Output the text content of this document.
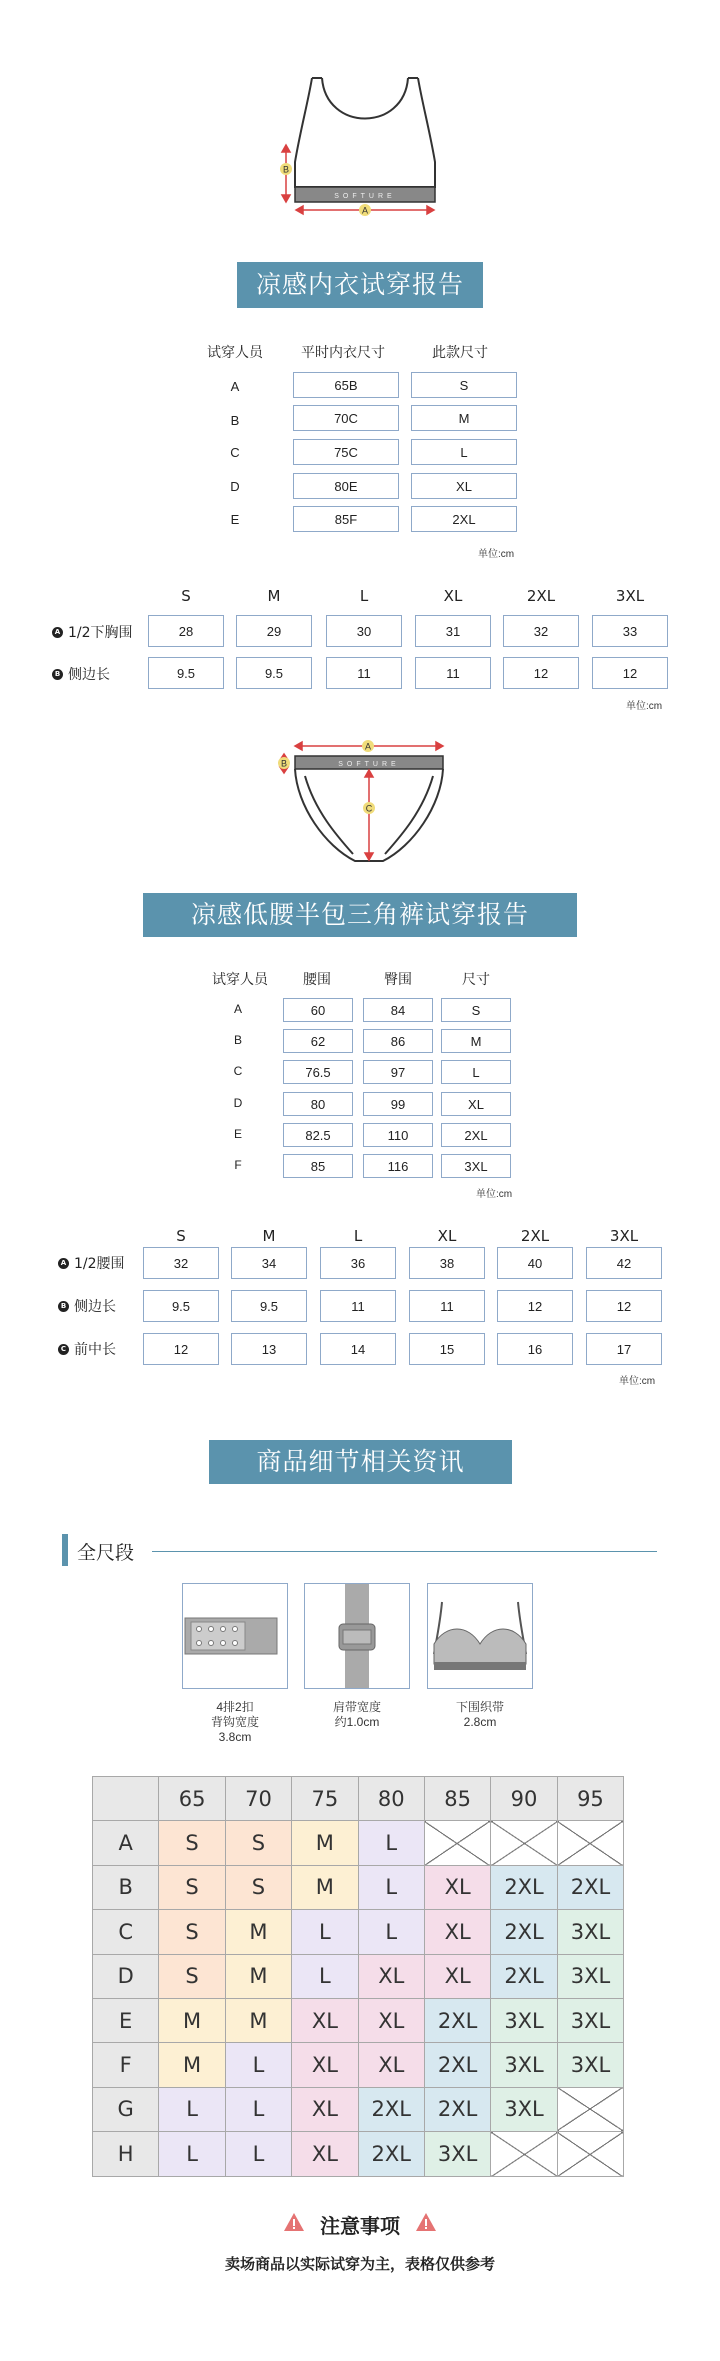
SOFTURE
A
B
凉感内衣试穿报告
试穿人员	平时内衣尺寸	此款尺寸
A	65B	S
B	70C	M
C	75C	L
D	80E	XL
E	85F	2XL
单位:cm
S	M	L	XL	2XL	3XL
A 1/2下胸围	28	29	30	31	32	33
B 侧边长	9.5	9.5	11	11	12	12
单位:cm
A
SOFTURE
B
C
凉感低腰半包三角裤试穿报告
试穿人员	腰围	臀围	尺寸
A	60	84	S
B	62	86	M
C	76.5	97	L
D	80	99	XL
E	82.5	110	2XL
F	85	116	3XL
单位:cm
S	M	L	XL	2XL	3XL
A 1/2腰围	32	34	36	38	40	42
B 侧边长	9.5	9.5	11	11	12	12
C 前中长	12	13	14	15	16	17
单位:cm
商品细节相关资讯
全尺段
4排2扣
背钩宽度
3.8cm
肩带宽度
约1.0cm
下围织带
2.8cm
	65	70	75	80	85	90	95
A	S	S	M	L			
B	S	S	M	L	XL	2XL	2XL
C	S	M	L	L	XL	2XL	3XL
D	S	M	L	XL	XL	2XL	3XL
E	M	M	XL	XL	2XL	3XL	3XL
F	M	L	XL	XL	2XL	3XL	3XL
G	L	L	XL	2XL	2XL	3XL	
H	L	L	XL	2XL	3XL		
注意事项
卖场商品以实际试穿为主，表格仅供参考
